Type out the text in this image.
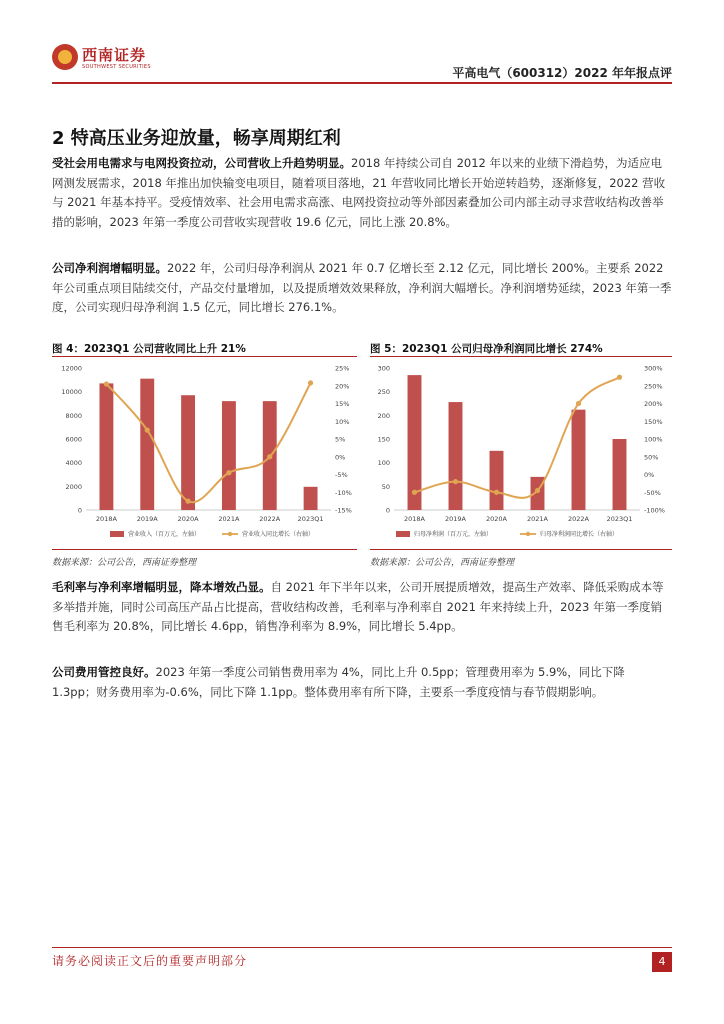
西南证券
SOUTHWEST SECURITIES	平高电气（600312）2022 年年报点评
2 特高压业务迎放量，畅享周期红利
受社会用电需求与电网投资拉动，公司营收上升趋势明显。2018 年持续公司自 2012 年以来的业绩下滑趋势，为适应电网测发展需求，2018 年推出加快输变电项目，随着项目落地，21 年营收同比增长开始逆转趋势，逐渐修复，2022 营收与 2021 年基本持平。受疫情效率、社会用电需求高涨、电网投资拉动等外部因素叠加公司内部主动寻求营收结构改善举措的影响，2023 年第一季度公司营收实现营收 19.6 亿元，同比上涨 20.8%。
公司净利润增幅明显。2022 年，公司归母净利润从 2021 年 0.7 亿增长至 2.12 亿元，同比增长 200%。主要系 2022 年公司重点项目陆续交付，产品交付量增加，以及提质增效效果释放，净利润大幅增长。净利润增势延续，2023 年第一季度，公司实现归母净利润 1.5 亿元，同比增长 276.1%。
图 4：2023Q1 公司营收同比上升 21%
0
2000
4000
6000
8000
10000
12000
-15%
-10%
-5%
0%
5%
10%
15%
20%
25%
2018A	2019A	2020A	2021A	2022A	2023Q1
营业收入（百万元，左轴）	营业收入同比增长（右轴）
数据来源：公司公告，西南证券整理
图 5：2023Q1 公司归母净利润同比增长 274%
0
50
100
150
200
250
300
-100%
-50%
0%
50%
100%
150%
200%
250%
300%
2018A	2019A	2020A	2021A	2022A	2023Q1
归母净利润（百万元，左轴）	归母净利润同比增长（右轴）
数据来源：公司公告，西南证券整理
毛利率与净利率增幅明显，降本增效凸显。自 2021 年下半年以来，公司开展提质增效，提高生产效率、降低采购成本等多举措并施，同时公司高压产品占比提高，营收结构改善，毛利率与净利率自 2021 年来持续上升，2023 年第一季度销售毛利率为 20.8%，同比增长 4.6pp，销售净利率为 8.9%，同比增长 5.4pp。
公司费用管控良好。2023 年第一季度公司销售费用率为 4%，同比上升 0.5pp；管理费用率为 5.9%，同比下降 1.3pp；财务费用率为-0.6%，同比下降 1.1pp。整体费用率有所下降，主要系一季度疫情与春节假期影响。
请务必阅读正文后的重要声明部分	4
